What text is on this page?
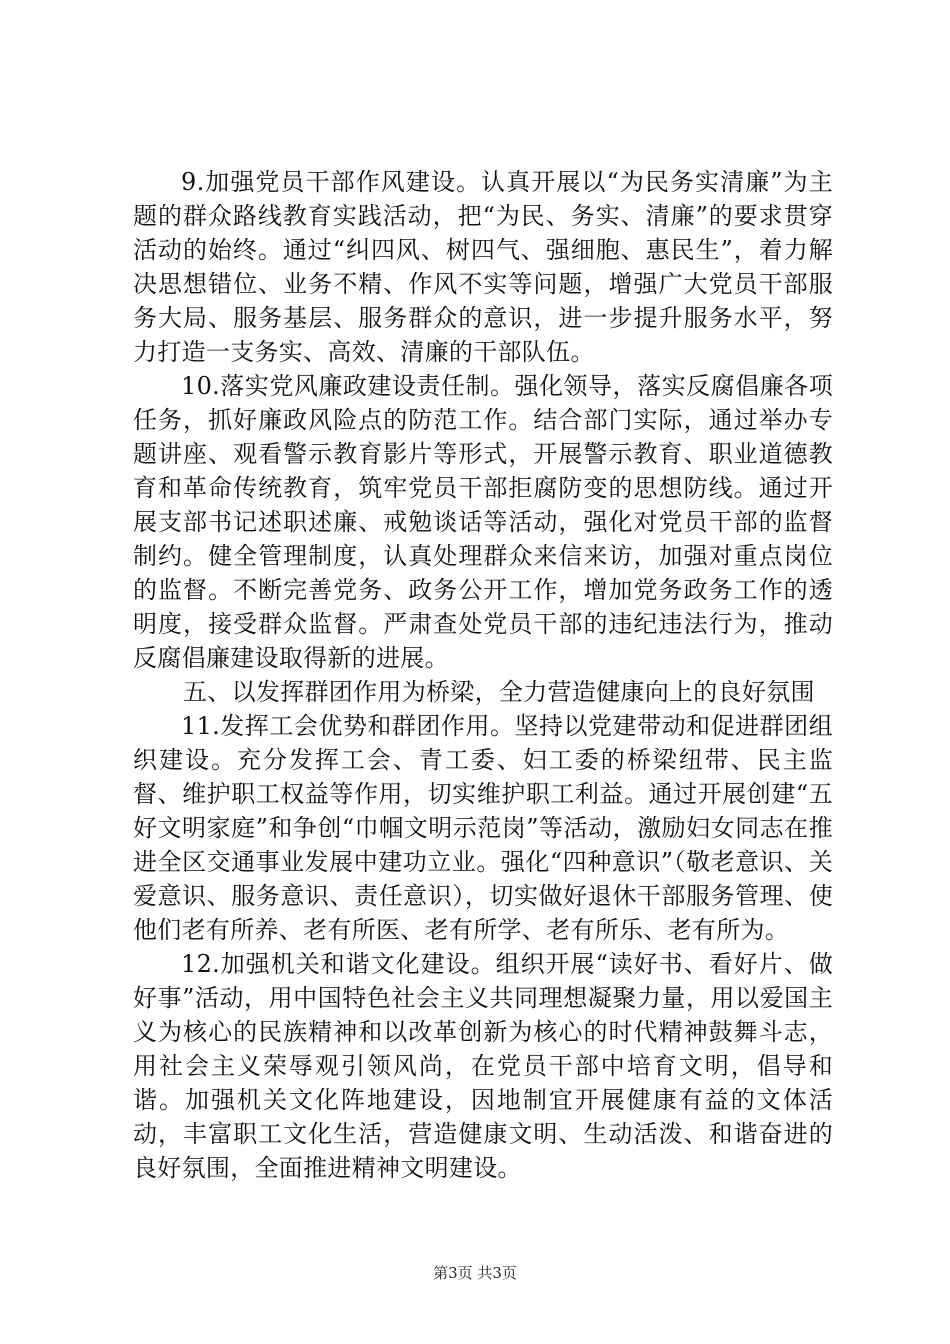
9.加强党员干部作风建设。认真开展以“为民务实清廉”为主题的群众路线教育实践活动，把“为民、务实、清廉”的要求贯穿活动的始终。通过“纠四风、树四气、强细胞、惠民生”，着力解决思想错位、业务不精、作风不实等问题，增强广大党员干部服务大局、服务基层、服务群众的意识，进一步提升服务水平，努力打造一支务实、高效、清廉的干部队伍。

10.落实党风廉政建设责任制。强化领导，落实反腐倡廉各项任务，抓好廉政风险点的防范工作。结合部门实际，通过举办专题讲座、观看警示教育影片等形式，开展警示教育、职业道德教育和革命传统教育，筑牢党员干部拒腐防变的思想防线。通过开展支部书记述职述廉、戒勉谈话等活动，强化对党员干部的监督制约。健全管理制度，认真处理群众来信来访，加强对重点岗位的监督。不断完善党务、政务公开工作，增加党务政务工作的透明度，接受群众监督。严肃查处党员干部的违纪违法行为，推动反腐倡廉建设取得新的进展。

五、以发挥群团作用为桥梁，全力营造健康向上的良好氛围

11.发挥工会优势和群团作用。坚持以党建带动和促进群团组织建设。充分发挥工会、青工委、妇工委的桥梁纽带、民主监督、维护职工权益等作用，切实维护职工利益。通过开展创建“五好文明家庭”和争创“巾帼文明示范岗”等活动，激励妇女同志在推进全区交通事业发展中建功立业。强化“四种意识”（敬老意识、关爱意识、服务意识、责任意识），切实做好退休干部服务管理、使他们老有所养、老有所医、老有所学、老有所乐、老有所为。

12.加强机关和谐文化建设。组织开展“读好书、看好片、做好事”活动，用中国特色社会主义共同理想凝聚力量，用以爱国主义为核心的民族精神和以改革创新为核心的时代精神鼓舞斗志，用社会主义荣辱观引领风尚，在党员干部中培育文明，倡导和谐。加强机关文化阵地建设，因地制宜开展健康有益的文体活动，丰富职工文化生活，营造健康文明、生动活泼、和谐奋进的良好氛围，全面推进精神文明建设。

第3页 共3页
